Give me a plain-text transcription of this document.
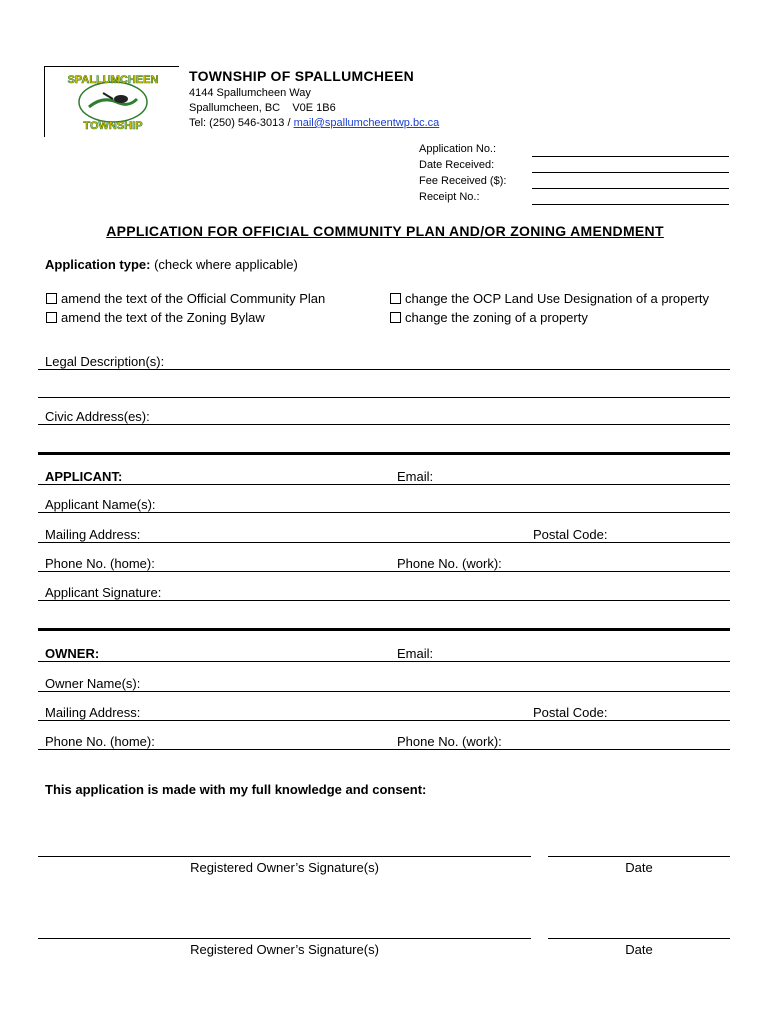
SPALLUMCHEEN
TOWNSHIP
TOWNSHIP OF SPALLUMCHEEN
4144 Spallumcheen Way
Spallumcheen, BC    V0E 1B6
Tel: (250) 546-3013 / mail@spallumcheentwp.bc.ca
Application No.:
Date Received:
Fee Received ($):
Receipt No.:
APPLICATION FOR OFFICIAL COMMUNITY PLAN AND/OR ZONING AMENDMENT
Application type: (check where applicable)
amend the text of the Official Community Plan
amend the text of the Zoning Bylaw
change the OCP Land Use Designation of a property
change the zoning of a property
Legal Description(s):
Civic Address(es):
APPLICANT:	Email:
Applicant Name(s):
Mailing Address:	Postal Code:
Phone No. (home):	Phone No. (work):
Applicant Signature:
OWNER:	Email:
Owner Name(s):
Mailing Address:	Postal Code:
Phone No. (home):	Phone No. (work):
This application is made with my full knowledge and consent:
Registered Owner’s Signature(s)	Date
Registered Owner’s Signature(s)	Date
